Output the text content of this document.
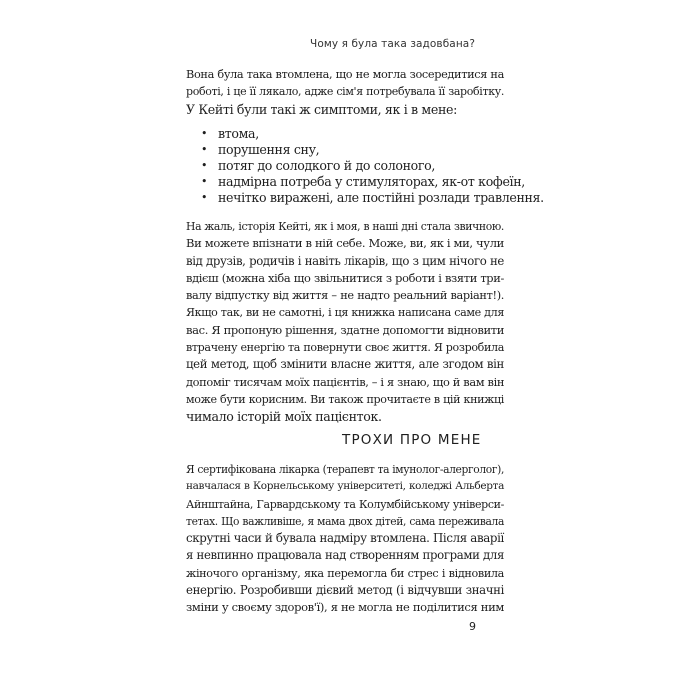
Чому я була така задовбана?

Вона була така втомлена, що не могла зосередитися на
роботі, і це її лякало, адже сім'я потребувала її заробітку.
У Кейті були такі ж симптоми, як і в мене:

• втома,
• порушення сну,
• потяг до солодкого й до солоного,
• надмірна потреба у стимуляторах, як-от кофеїн,
• нечітко виражені, але постійні розлади травлення.

На жаль, історія Кейті, як і моя, в наші дні стала звичною.
Ви можете впізнати в ній себе. Може, ви, як і ми, чули
від друзів, родичів і навіть лікарів, що з цим нічого не
вдієш (можна хіба що звільнитися з роботи і взяти три-
валу відпустку від життя – не надто реальний варіант!).
Якщо так, ви не самотні, і ця книжка написана саме для
вас. Я пропоную рішення, здатне допомогти відновити
втрачену енергію та повернути своє життя. Я розробила
цей метод, щоб змінити власне життя, але згодом він
допоміг тисячам моїх пацієнтів, – і я знаю, що й вам він
може бути корисним. Ви також прочитаєте в цій книжці
чимало історій моїх пацієнток.

ТРОХИ ПРО МЕНЕ

Я сертифікована лікарка (терапевт та імунолог-алерголог),
навчалася в Корнельському університеті, коледжі Альберта
Айнштайна, Гарвардському та Колумбійському універси-
тетах. Що важливіше, я мама двох дітей, сама переживала
скрутні часи й бувала надміру втомлена. Після аварії
я невпинно працювала над створенням програми для
жіночого організму, яка перемогла би стрес і відновила
енергію. Розробивши дієвий метод (і відчувши значні
зміни у своєму здоров'ї), я не могла не поділитися ним

9
